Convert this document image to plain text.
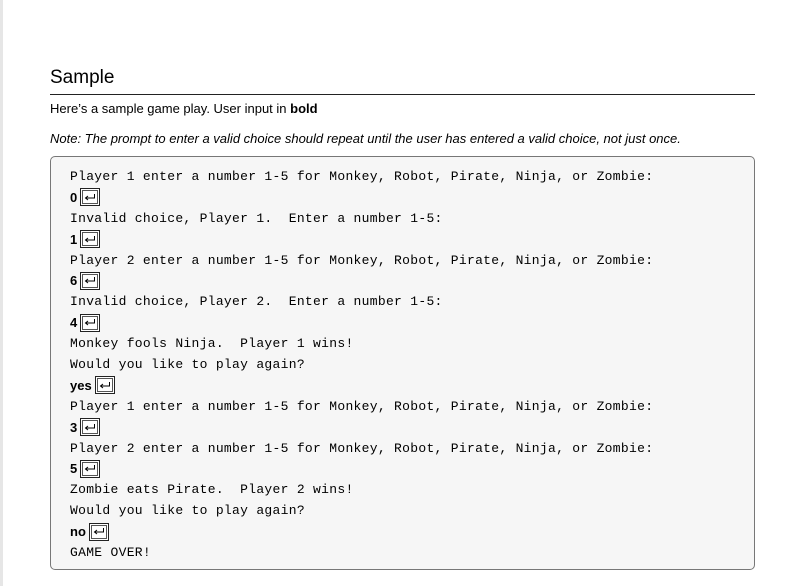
Sample

Here’s a sample game play. User input in bold

Note: The prompt to enter a valid choice should repeat until the user has entered a valid choice, not just once.

Player 1 enter a number 1-5 for Monkey, Robot, Pirate, Ninja, or Zombie:
0
Invalid choice, Player 1.  Enter a number 1-5:
1
Player 2 enter a number 1-5 for Monkey, Robot, Pirate, Ninja, or Zombie:
6
Invalid choice, Player 2.  Enter a number 1-5:
4
Monkey fools Ninja.  Player 1 wins!
Would you like to play again?
yes
Player 1 enter a number 1-5 for Monkey, Robot, Pirate, Ninja, or Zombie:
3
Player 2 enter a number 1-5 for Monkey, Robot, Pirate, Ninja, or Zombie:
5
Zombie eats Pirate.  Player 2 wins!
Would you like to play again?
no
GAME OVER!
